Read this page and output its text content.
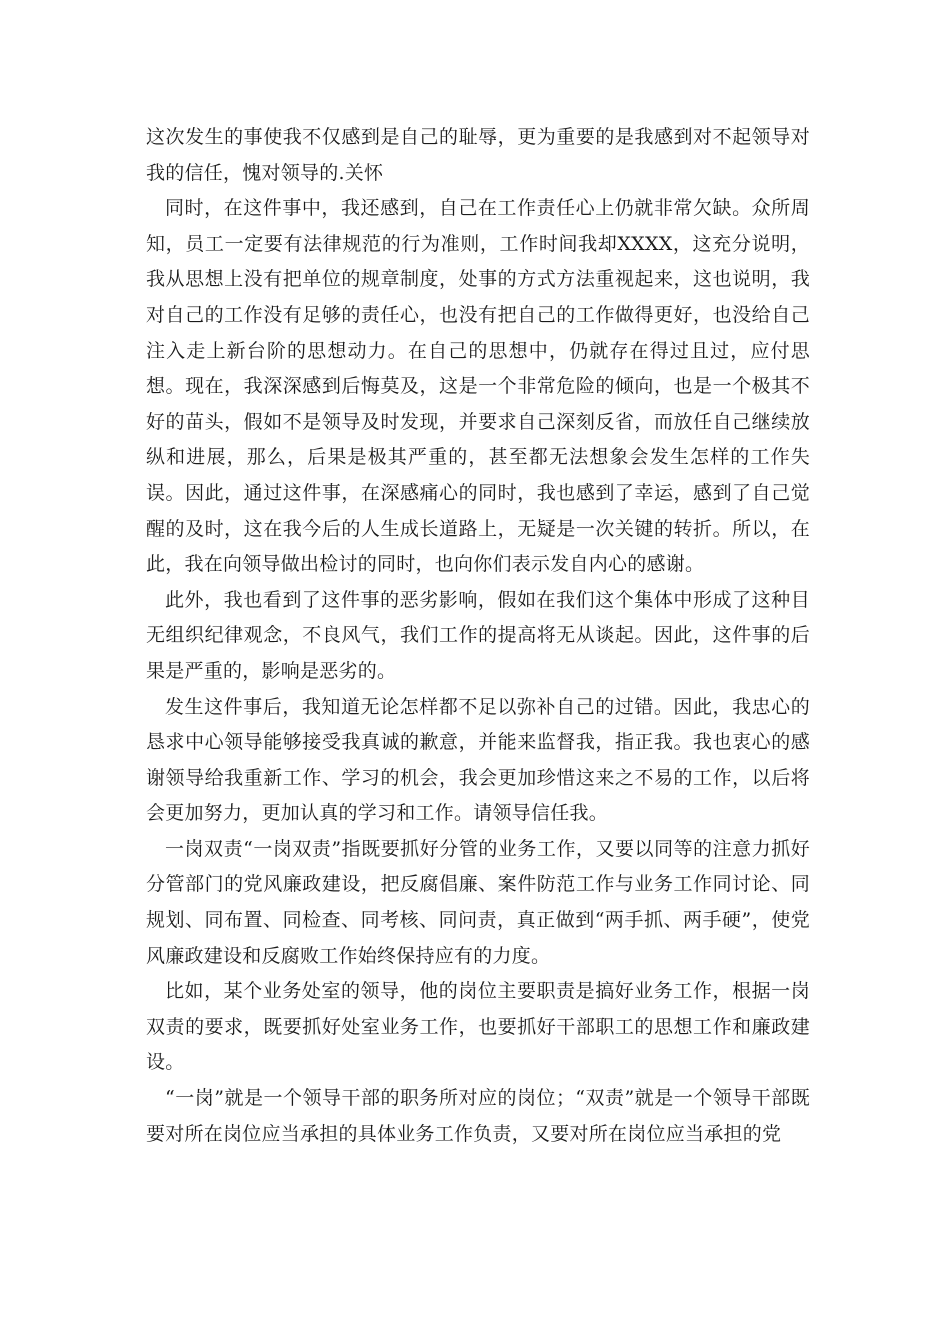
这次发生的事使我不仅感到是自己的耻辱，更为重要的是我感到对不起领导对我的信任，愧对领导的.关怀

同时，在这件事中，我还感到，自己在工作责任心上仍就非常欠缺。众所周知，员工一定要有法律规范的行为准则，工作时间我却XXXX，这充分说明，我从思想上没有把单位的规章制度，处事的方式方法重视起来，这也说明，我对自己的工作没有足够的责任心，也没有把自己的工作做得更好，也没给自己注入走上新台阶的思想动力。在自己的思想中，仍就存在得过且过，应付思想。现在，我深深感到后悔莫及，这是一个非常危险的倾向，也是一个极其不好的苗头，假如不是领导及时发现，并要求自己深刻反省，而放任自己继续放纵和进展，那么，后果是极其严重的，甚至都无法想象会发生怎样的工作失误。因此，通过这件事，在深感痛心的同时，我也感到了幸运，感到了自己觉醒的及时，这在我今后的人生成长道路上，无疑是一次关键的转折。所以，在此，我在向领导做出检讨的同时，也向你们表示发自内心的感谢。

此外，我也看到了这件事的恶劣影响，假如在我们这个集体中形成了这种目无组织纪律观念，不良风气，我们工作的提高将无从谈起。因此，这件事的后果是严重的，影响是恶劣的。

发生这件事后，我知道无论怎样都不足以弥补自己的过错。因此，我忠心的恳求中心领导能够接受我真诚的歉意，并能来监督我，指正我。我也衷心的感谢领导给我重新工作、学习的机会，我会更加珍惜这来之不易的工作，以后将会更加努力，更加认真的学习和工作。请领导信任我。

一岗双责“一岗双责”指既要抓好分管的业务工作，又要以同等的注意力抓好分管部门的党风廉政建设，把反腐倡廉、案件防范工作与业务工作同讨论、同规划、同布置、同检查、同考核、同问责，真正做到“两手抓、两手硬”，使党风廉政建设和反腐败工作始终保持应有的力度。

比如，某个业务处室的领导，他的岗位主要职责是搞好业务工作，根据一岗双责的要求，既要抓好处室业务工作，也要抓好干部职工的思想工作和廉政建设。

“一岗”就是一个领导干部的职务所对应的岗位；“双责”就是一个领导干部既要对所在岗位应当承担的具体业务工作负责，又要对所在岗位应当承担的党
